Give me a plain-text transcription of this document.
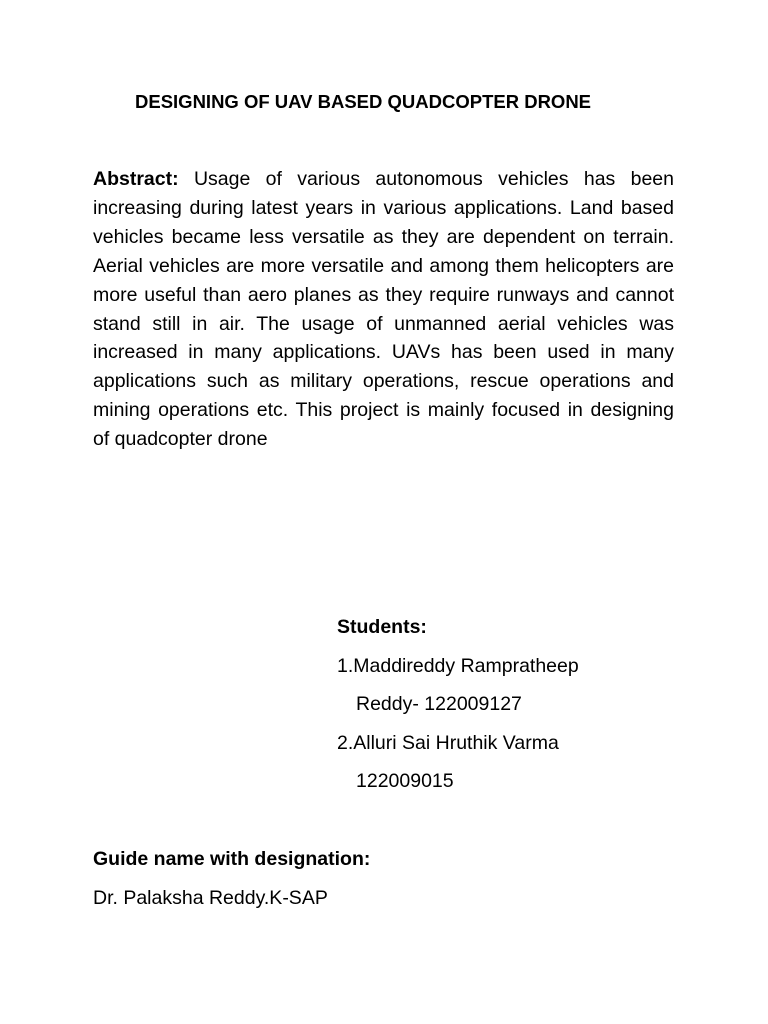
DESIGNING OF UAV BASED QUADCOPTER DRONE

Abstract: Usage of various autonomous vehicles has been increasing during latest years in various applications. Land based vehicles became less versatile as they are dependent on terrain. Aerial vehicles are more versatile and among them helicopters are more useful than aero planes as they require runways and cannot stand still in air. The usage of unmanned aerial vehicles was increased in many applications. UAVs has been used in many applications such as military operations, rescue operations and mining operations etc. This project is mainly focused in designing of quadcopter drone

Students:
1.Maddireddy Rampratheep
Reddy- 122009127
2.Alluri Sai Hruthik Varma
122009015
Guide name with designation:
Dr. Palaksha Reddy.K-SAP
